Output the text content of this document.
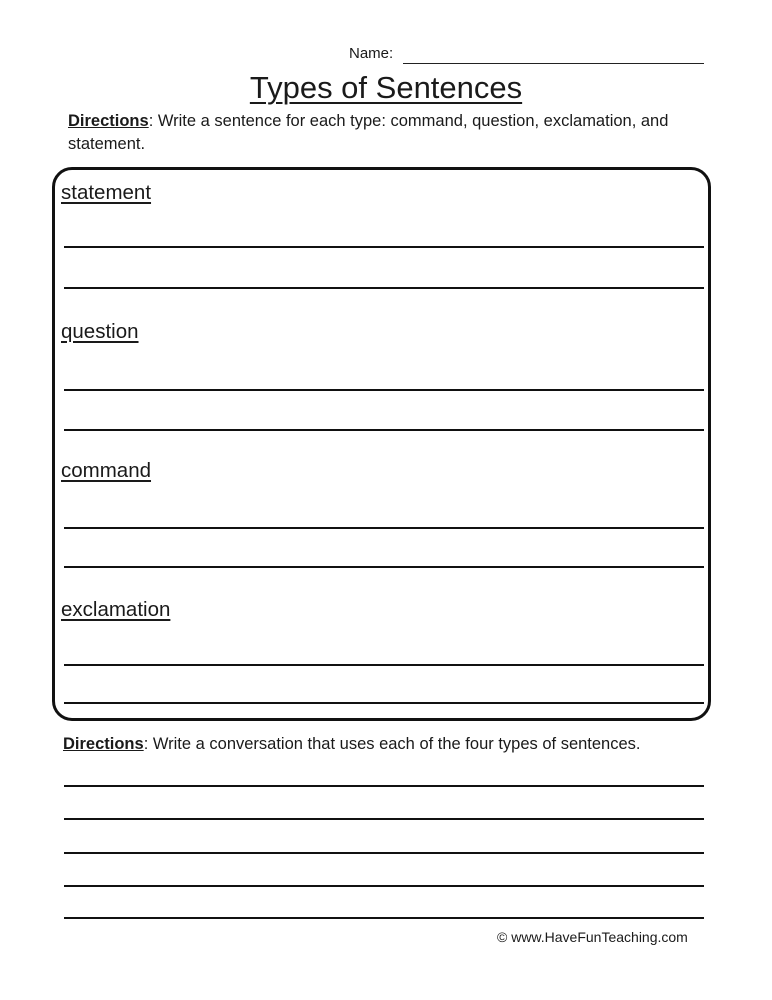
Name:
Types of Sentences
Directions: Write a sentence for each type: command, question, exclamation, and statement.
statement
question
command
exclamation
Directions: Write a conversation that uses each of the four types of sentences.
© www.HaveFunTeaching.com
